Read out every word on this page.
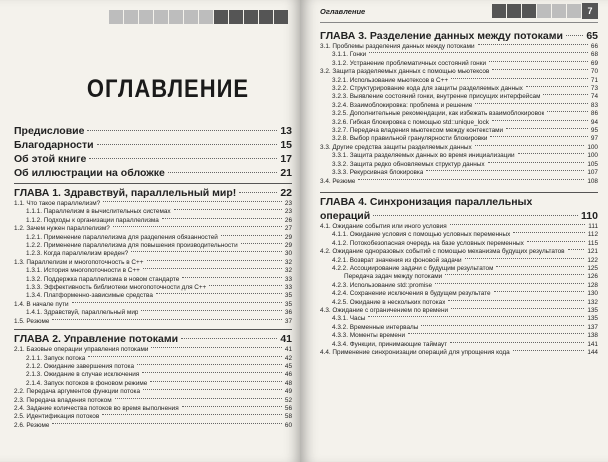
ОГЛАВЛЕНИЕ
Предисловие	13
Благодарности	15
Об этой книге	17
Об иллюстрации на обложке	21
ГЛАВА 1. Здравствуй, параллельный мир!	22
1.1. Что такое параллелизм?	23
1.1.1. Параллелизм в вычислительных системах	23
1.1.2. Подходы к организации параллелизма	26
1.2. Зачем нужен параллелизм?	27
1.2.1. Применение параллелизма для разделения обязанностей	29
1.2.2. Применение параллелизма для повышения производительности	29
1.2.3. Когда параллелизм вреден?	30
1.3. Параллелизм и многопоточность в C++	32
1.3.1. История многопоточности в C++	32
1.3.2. Поддержка параллелизма в новом стандарте	33
1.3.3. Эффективность библиотеки многопоточности для C++	33
1.3.4. Платформенно-зависимые средства	35
1.4. В начале пути	35
1.4.1. Здравствуй, параллельный мир	36
1.5. Резюме	37
ГЛАВА 2. Управление потоками	41
2.1. Базовые операции управления потоками	41
2.1.1. Запуск потока	42
2.1.2. Ожидание завершения потока	45
2.1.3. Ожидание в случае исключения	46
2.1.4. Запуск потоков в фоновом режиме	48
2.2. Передача аргументов функции потока	49
2.3. Передача владения потоком	52
2.4. Задание количества потоков во время выполнения	56
2.5. Идентификация потоков	58
2.6. Резюме	60
Оглавление	7
ГЛАВА 3. Разделение данных между потоками 65
3.1. Проблемы разделения данных между потоками	66
3.1.1. Гонки	68
3.1.2. Устранение проблематичных состояний гонки	69
3.2. Защита разделяемых данных с помощью мьютексов	70
3.2.1. Использование мьютексов в C++	71
3.2.2. Структурирование кода для защиты разделяемых данных	73
3.2.3. Выявление состояний гонки, внутренне присущих интерфейсам	74
3.2.4. Взаимоблокировка: проблема и решение	83
3.2.5. Дополнительные рекомендации, как избежать взаимоблокировок	86
3.2.6. Гибкая блокировка с помощью std::unique_lock	94
3.2.7. Передача владения мьютексом между контекстами	95
3.2.8. Выбор правильной гранулярности блокировки	97
3.3. Другие средства защиты разделяемых данных	100
3.3.1. Защита разделяемых данных во время инициализации	100
3.3.2. Защита редко обновляемых структур данных	105
3.3.3. Рекурсивная блокировка	107
3.4. Резюме	108
ГЛАВА 4. Синхронизация параллельных
операций	110
4.1. Ожидание события или иного условия	111
4.1.1. Ожидание условия с помощью условных переменных	112
4.1.2. Потокобезопасная очередь на базе условных переменных	115
4.2. Ожидание одноразовых событий с помощью механизма будущих результатов	121
4.2.1. Возврат значения из фоновой задачи	122
4.2.2. Ассоциирование задачи с будущим результатом	125
Передача задач между потоками	126
4.2.3. Использование std::promise	128
4.2.4. Сохранение исключения в будущем результате	130
4.2.5. Ожидание в нескольких потоках	132
4.3. Ожидание с ограничением по времени	135
4.3.1. Часы	135
4.3.2. Временные интервалы	137
4.3.3. Моменты времени	138
4.3.4. Функции, принимающие таймаут	141
4.4. Применение синхронизации операций для упрощения кода	144
